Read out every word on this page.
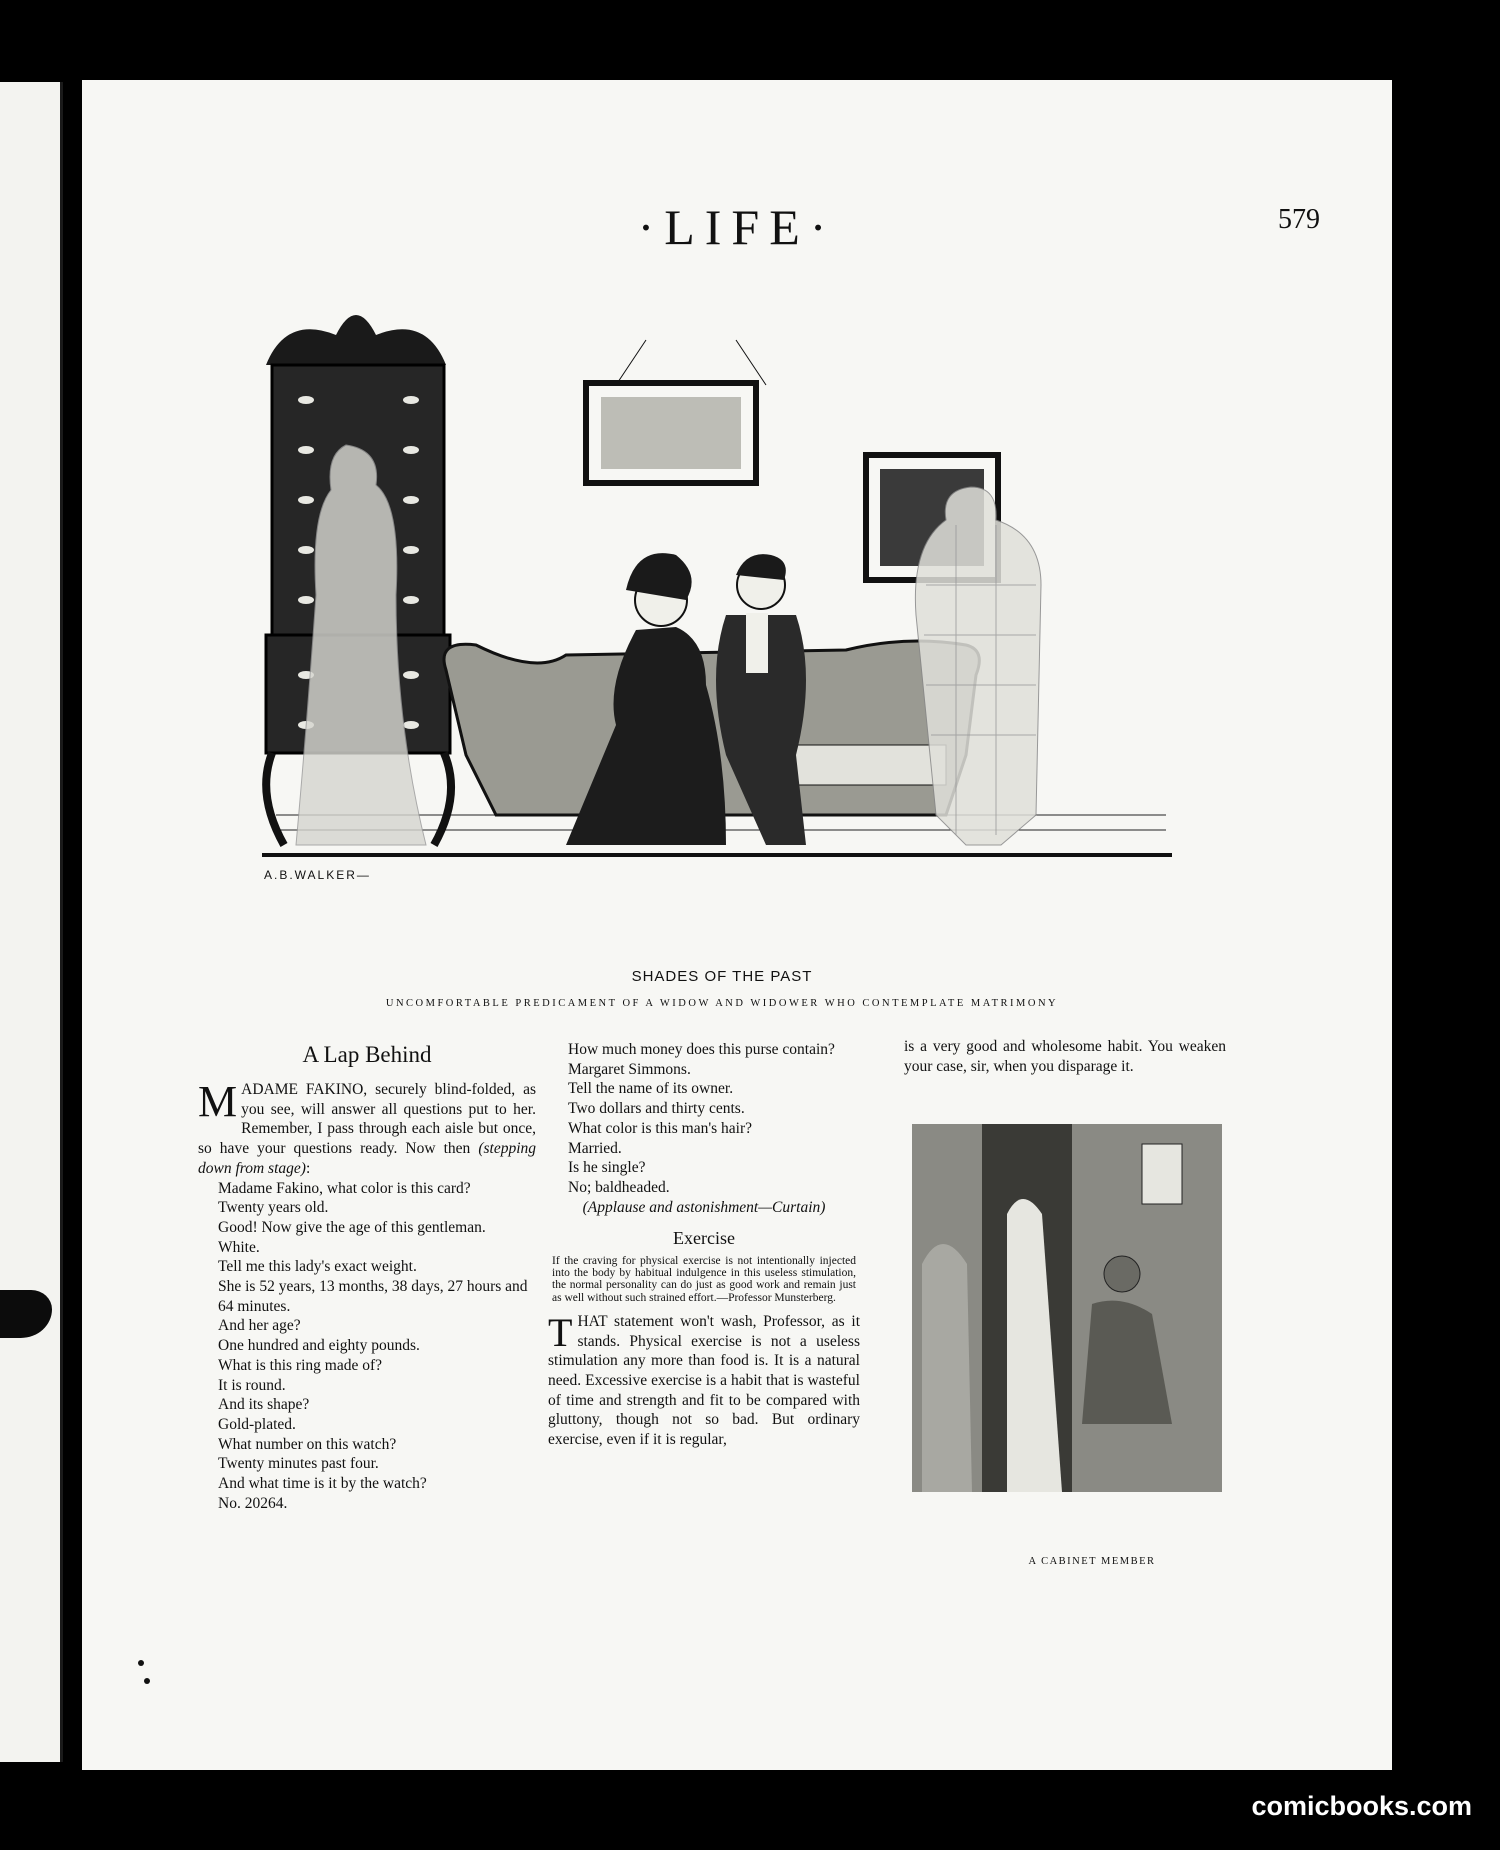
·LIFE·	579
A.B.WALKER—
SHADES OF THE PAST
UNCOMFORTABLE PREDICAMENT OF A WIDOW AND WIDOWER WHO CONTEMPLATE MATRIMONY

A Lap Behind

MADAME FAKINO, securely blind-folded, as you see, will answer all questions put to her. Remember, I pass through each aisle but once, so have your questions ready. Now then (stepping down from stage):

Madame Fakino, what color is this card?

Twenty years old.

Good! Now give the age of this gentleman.

White.

Tell me this lady's exact weight.

She is 52 years, 13 months, 38 days, 27 hours and 64 minutes.

And her age?

One hundred and eighty pounds.

What is this ring made of?

It is round.

And its shape?

Gold-plated.

What number on this watch?

Twenty minutes past four.

And what time is it by the watch?

No. 20264.

How much money does this purse contain?

Margaret Simmons.

Tell the name of its owner.

Two dollars and thirty cents.

What color is this man's hair?

Married.

Is he single?

No; baldheaded.

(Applause and astonishment—Curtain)

Exercise

If the craving for physical exercise is not intentionally injected into the body by habitual indulgence in this useless stimulation, the normal personality can do just as good work and remain just as well without such strained effort.—Professor Munsterberg.

THAT statement won't wash, Professor, as it stands. Physical exercise is not a useless stimulation any more than food is. It is a natural need. Excessive exercise is a habit that is wasteful of time and strength and fit to be compared with gluttony, though not so bad. But ordinary exercise, even if it is regular,

is a very good and wholesome habit. You weaken your case, sir, when you disparage it.

A CABINET MEMBER
comicbooks.com
